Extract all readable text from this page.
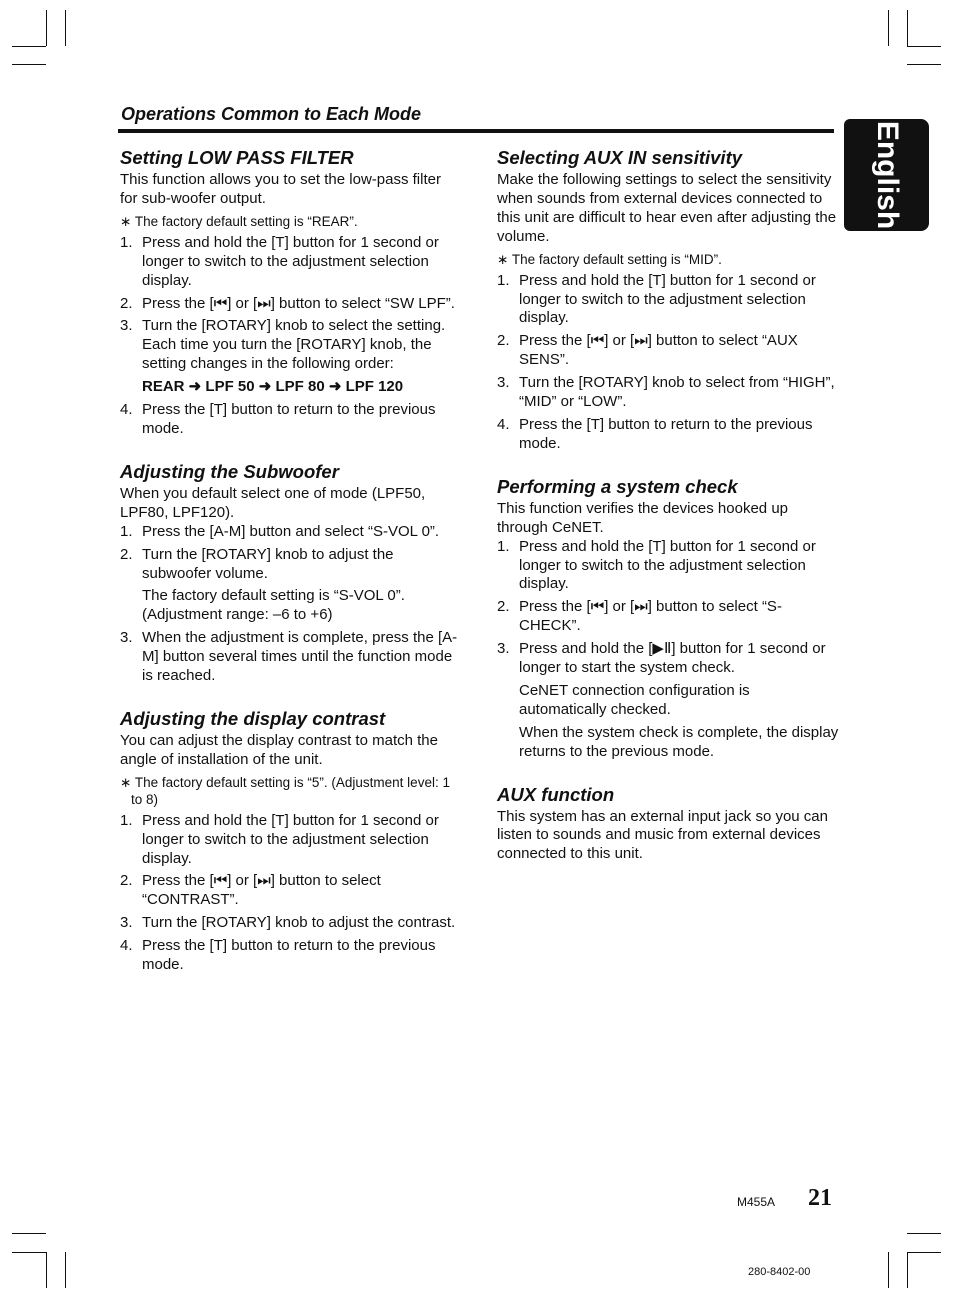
Operations Common to Each Mode
English
Setting LOW PASS FILTER

This function allows you to set the low-pass filter for sub-woofer output.

∗ The factory default setting is “REAR”.
1. Press and hold the [T] button for 1 second or longer to switch to the adjustment selection display.
2. Press the [⏮] or [⏭] button to select “SW LPF”.
3. Turn the [ROTARY] knob to select the setting. Each time you turn the [ROTARY] knob, the setting changes in the following order:
REAR ➜ LPF 50 ➜ LPF 80 ➜ LPF 120
4. Press the [T] button to return to the previous mode.
Adjusting the Subwoofer

When you default select one of mode (LPF50, LPF80, LPF120).

1. Press the [A-M] button and select “S-VOL 0”.
2. Turn the [ROTARY] knob to adjust the subwoofer volume.
The factory default setting is “S-VOL 0”. (Adjustment range: –6 to +6)
3. When the adjustment is complete, press the [A-M] button several times until the function mode is reached.
Adjusting the display contrast

You can adjust the display contrast to match the angle of installation of the unit.

∗ The factory default setting is “5”. (Adjustment level: 1 to 8)
1. Press and hold the [T] button for 1 second or longer to switch to the adjustment selection display.
2. Press the [⏮] or [⏭] button to select “CONTRAST”.
3. Turn the [ROTARY] knob to adjust the contrast.
4. Press the [T] button to return to the previous mode.
Selecting AUX IN sensitivity

Make the following settings to select the sensitivity when sounds from external devices connected to this unit are difficult to hear even after adjusting the volume.

∗ The factory default setting is “MID”.
1. Press and hold the [T] button for 1 second or longer to switch to the adjustment selection display.
2. Press the [⏮] or [⏭] button to select “AUX SENS”.
3. Turn the [ROTARY] knob to select from “HIGH”, “MID” or “LOW”.
4. Press the [T] button to return to the previous mode.
Performing a system check

This function verifies the devices hooked up through CeNET.

1. Press and hold the [T] button for 1 second or longer to switch to the adjustment selection display.
2. Press the [⏮] or [⏭] button to select “S-CHECK”.
3. Press and hold the [▶Ⅱ] button for 1 second or longer to start the system check.
CeNET connection configuration is automatically checked.
When the system check is complete, the display returns to the previous mode.
AUX function

This system has an external input jack so you can listen to sounds and music from external devices connected to this unit.

M455A 21
280-8402-00
